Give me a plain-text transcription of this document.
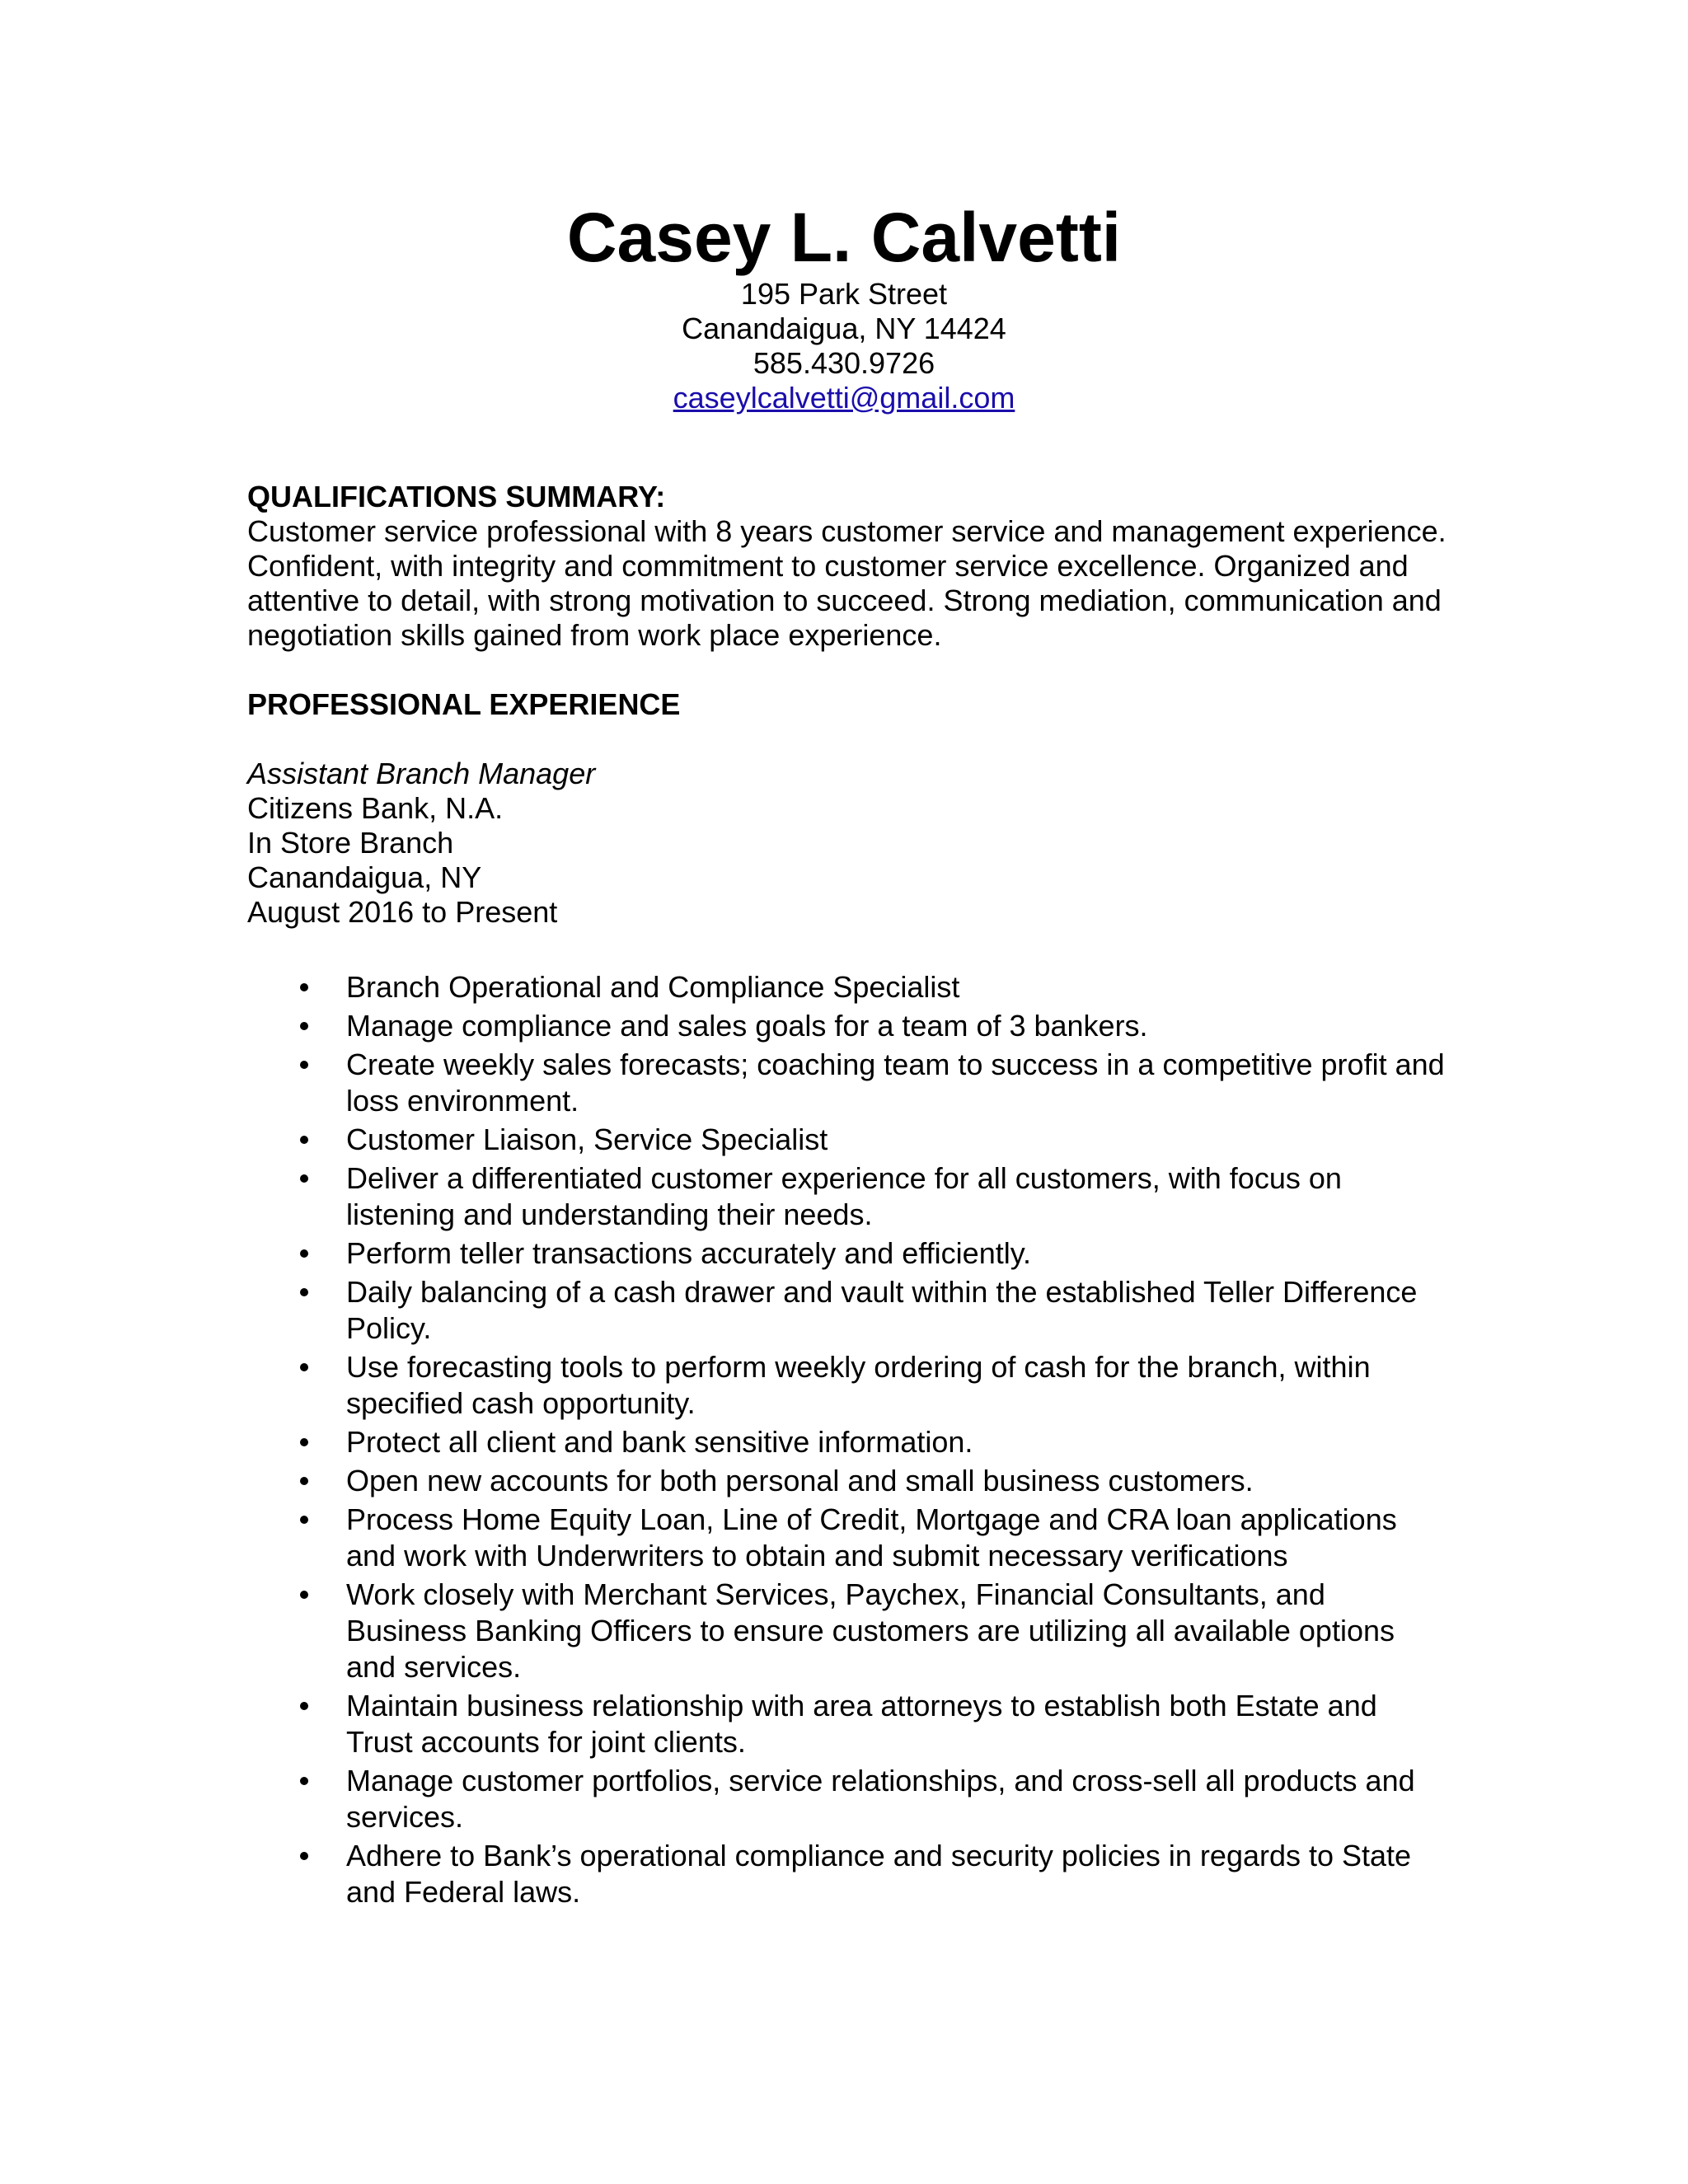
Casey L. Calvetti
195 Park Street
Canandaigua, NY 14424
585.430.9726
caseylcalvetti@gmail.com
QUALIFICATIONS SUMMARY:

Customer service professional with 8 years customer service and management experience. Confident, with integrity and commitment to customer service excellence. Organized and attentive to detail, with strong motivation to succeed. Strong mediation, communication and negotiation skills gained from work place experience.

PROFESSIONAL EXPERIENCE
Assistant Branch Manager
Citizens Bank, N.A.
In Store Branch
Canandaigua, NY
August 2016 to Present
Branch Operational and Compliance Specialist
Manage compliance and sales goals for a team of 3 bankers.
Create weekly sales forecasts; coaching team to success in a competitive profit and loss environment.
Customer Liaison, Service Specialist
Deliver a differentiated customer experience for all customers, with focus on listening and understanding their needs.
Perform teller transactions accurately and efficiently.
Daily balancing of a cash drawer and vault within the established Teller Difference Policy.
Use forecasting tools to perform weekly ordering of cash for the branch, within specified cash opportunity.
Protect all client and bank sensitive information.
Open new accounts for both personal and small business customers.
Process Home Equity Loan, Line of Credit, Mortgage and CRA loan applications and work with Underwriters to obtain and submit necessary verifications
Work closely with Merchant Services, Paychex, Financial Consultants, and Business Banking Officers to ensure customers are utilizing all available options and services.
Maintain business relationship with area attorneys to establish both Estate and Trust accounts for joint clients.
Manage customer portfolios, service relationships, and cross-sell all products and services.
Adhere to Bank’s operational compliance and security policies in regards to State and Federal laws.
